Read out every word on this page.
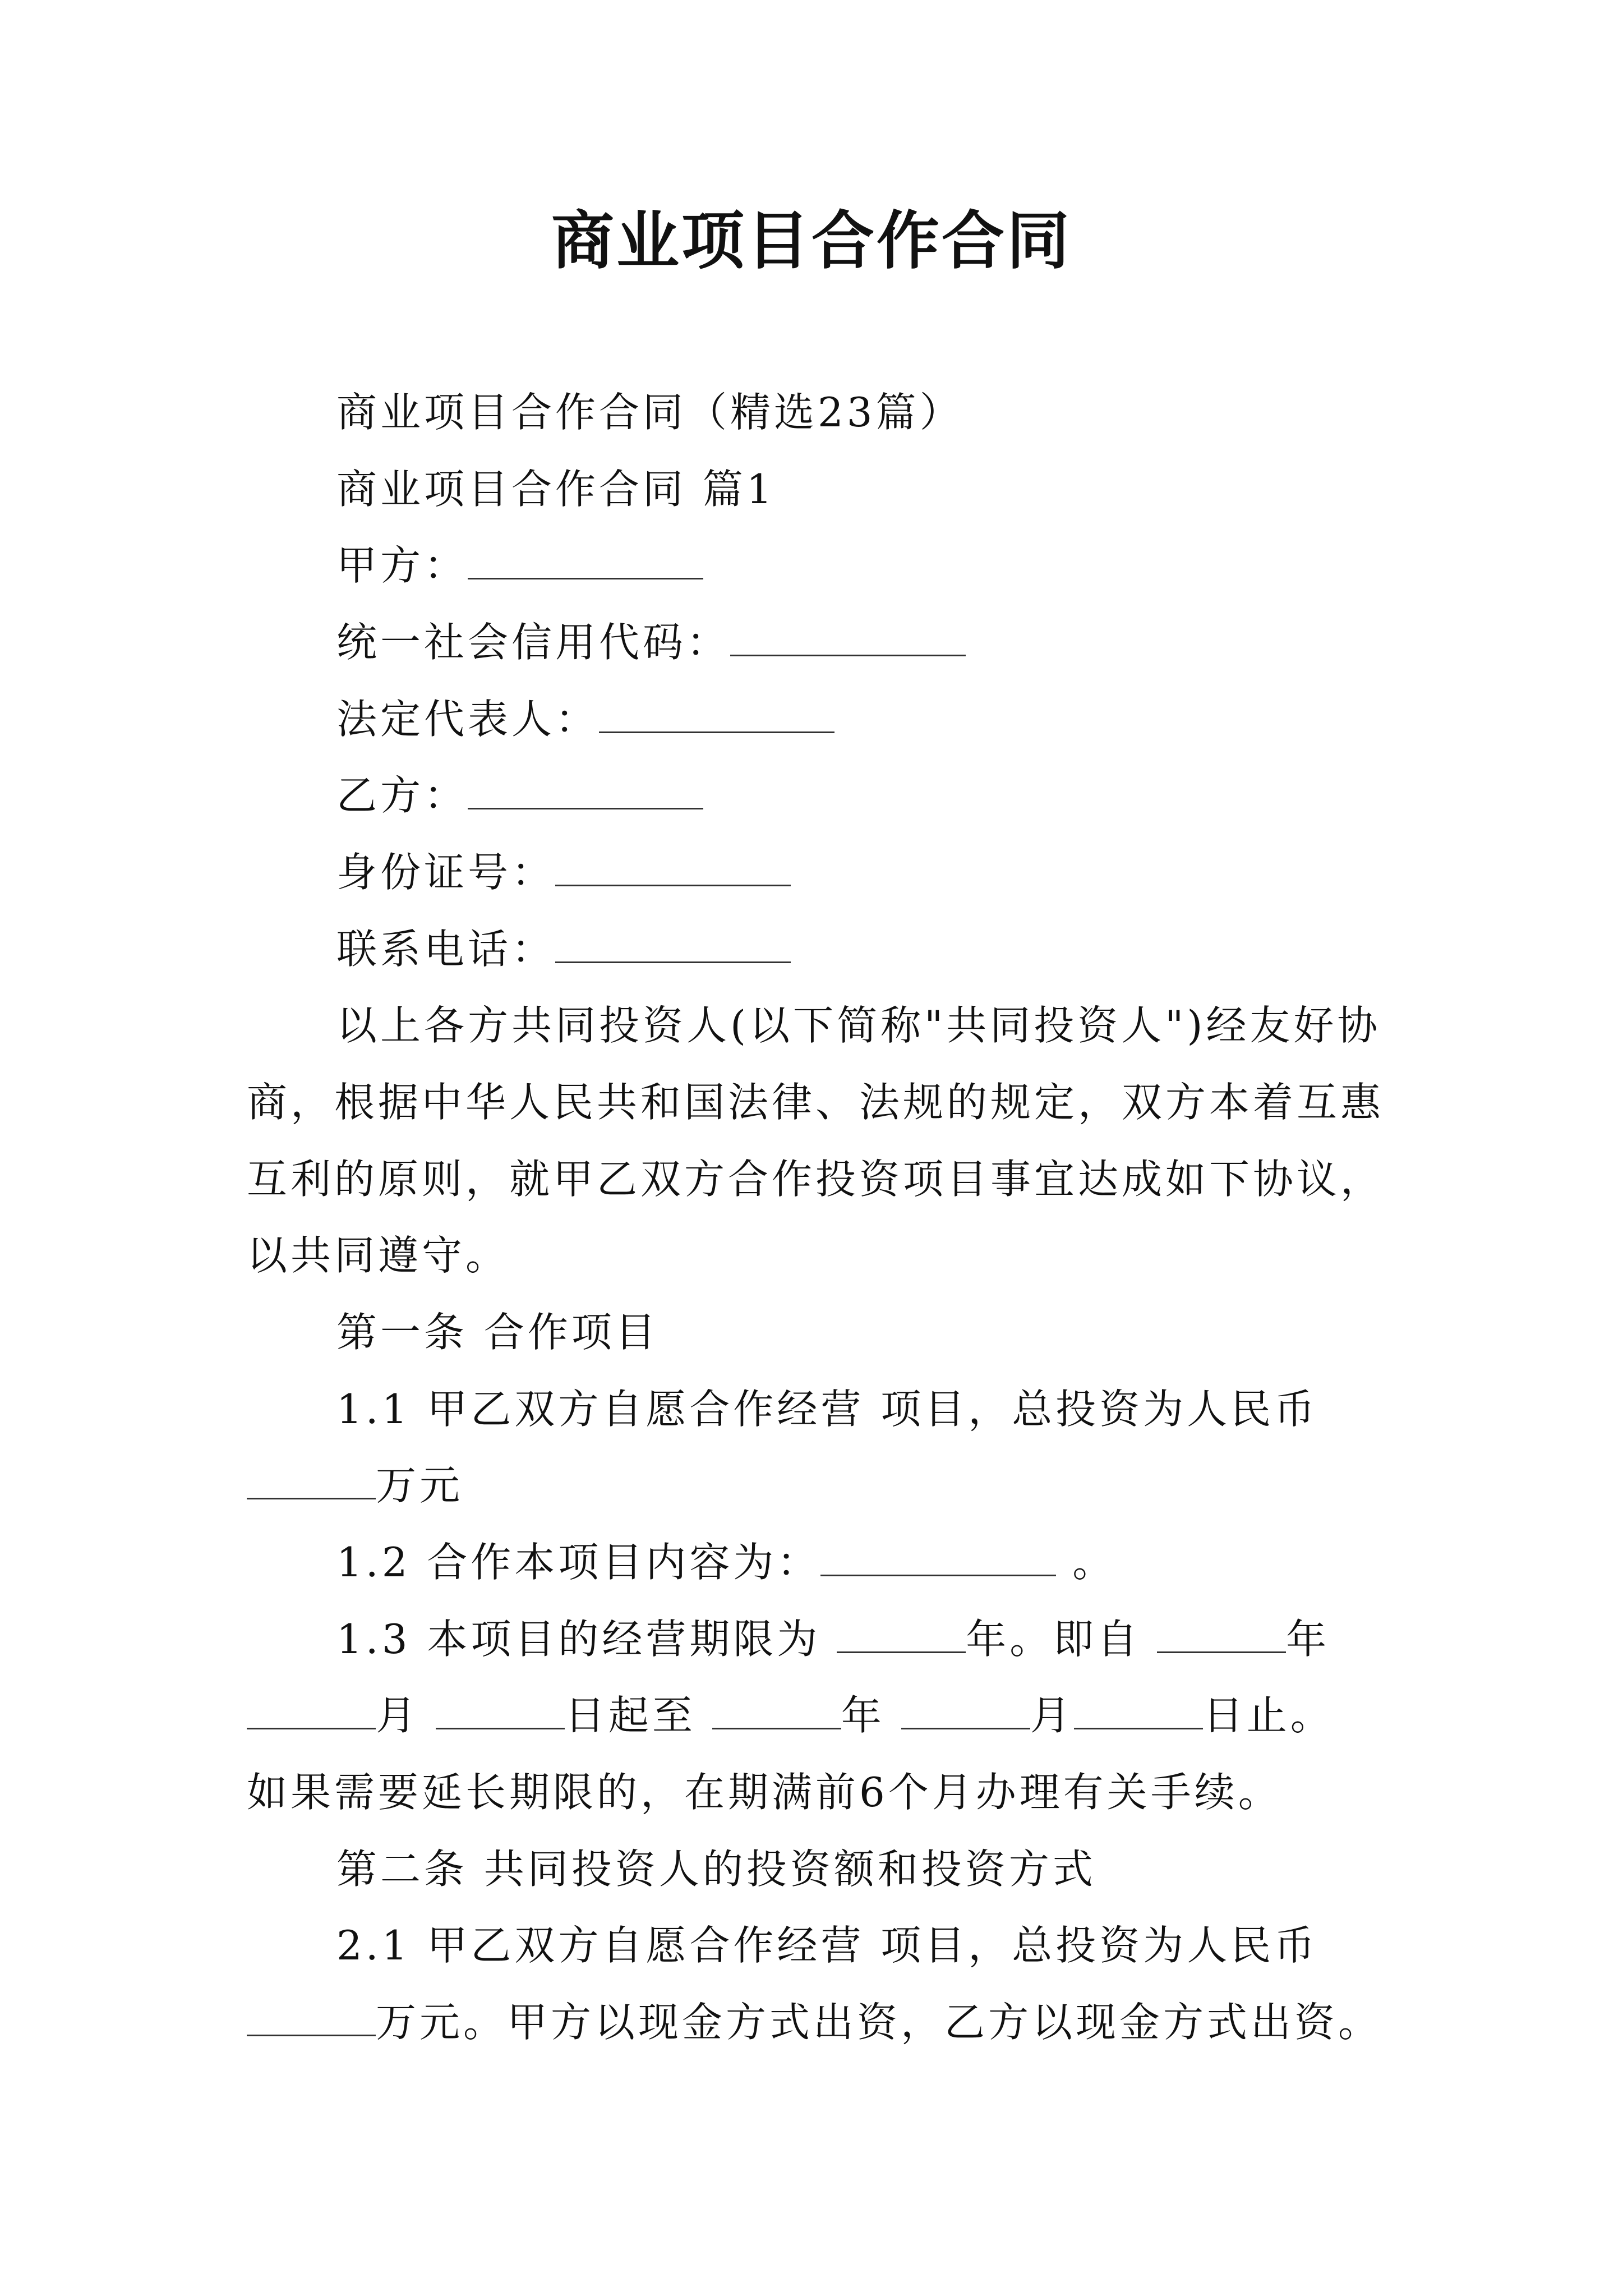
商业项目合作合同

商业项目合作合同（精选23篇）

商业项目合作合同 篇1

甲方：

统一社会信用代码：

法定代表人：

乙方：

身份证号：

联系电话：

以上各方共同投资人(以下简称"共同投资人")经友好协

商，根据中华人民共和国法律、法规的规定，双方本着互惠

互利的原则，就甲乙双方合作投资项目事宜达成如下协议，

以共同遵守。

第一条 合作项目

1.1 甲乙双方自愿合作经营 项目，总投资为人民币

万元

1.2 合作本项目内容为：	。

1.3 本项目的经营期限为	年。即自	年

月	日起至	年	月	日止。

如果需要延长期限的，在期满前6个月办理有关手续。

第二条 共同投资人的投资额和投资方式

2.1 甲乙双方自愿合作经营 项目，总投资为人民币

万元。甲方以现金方式出资，乙方以现金方式出资。
